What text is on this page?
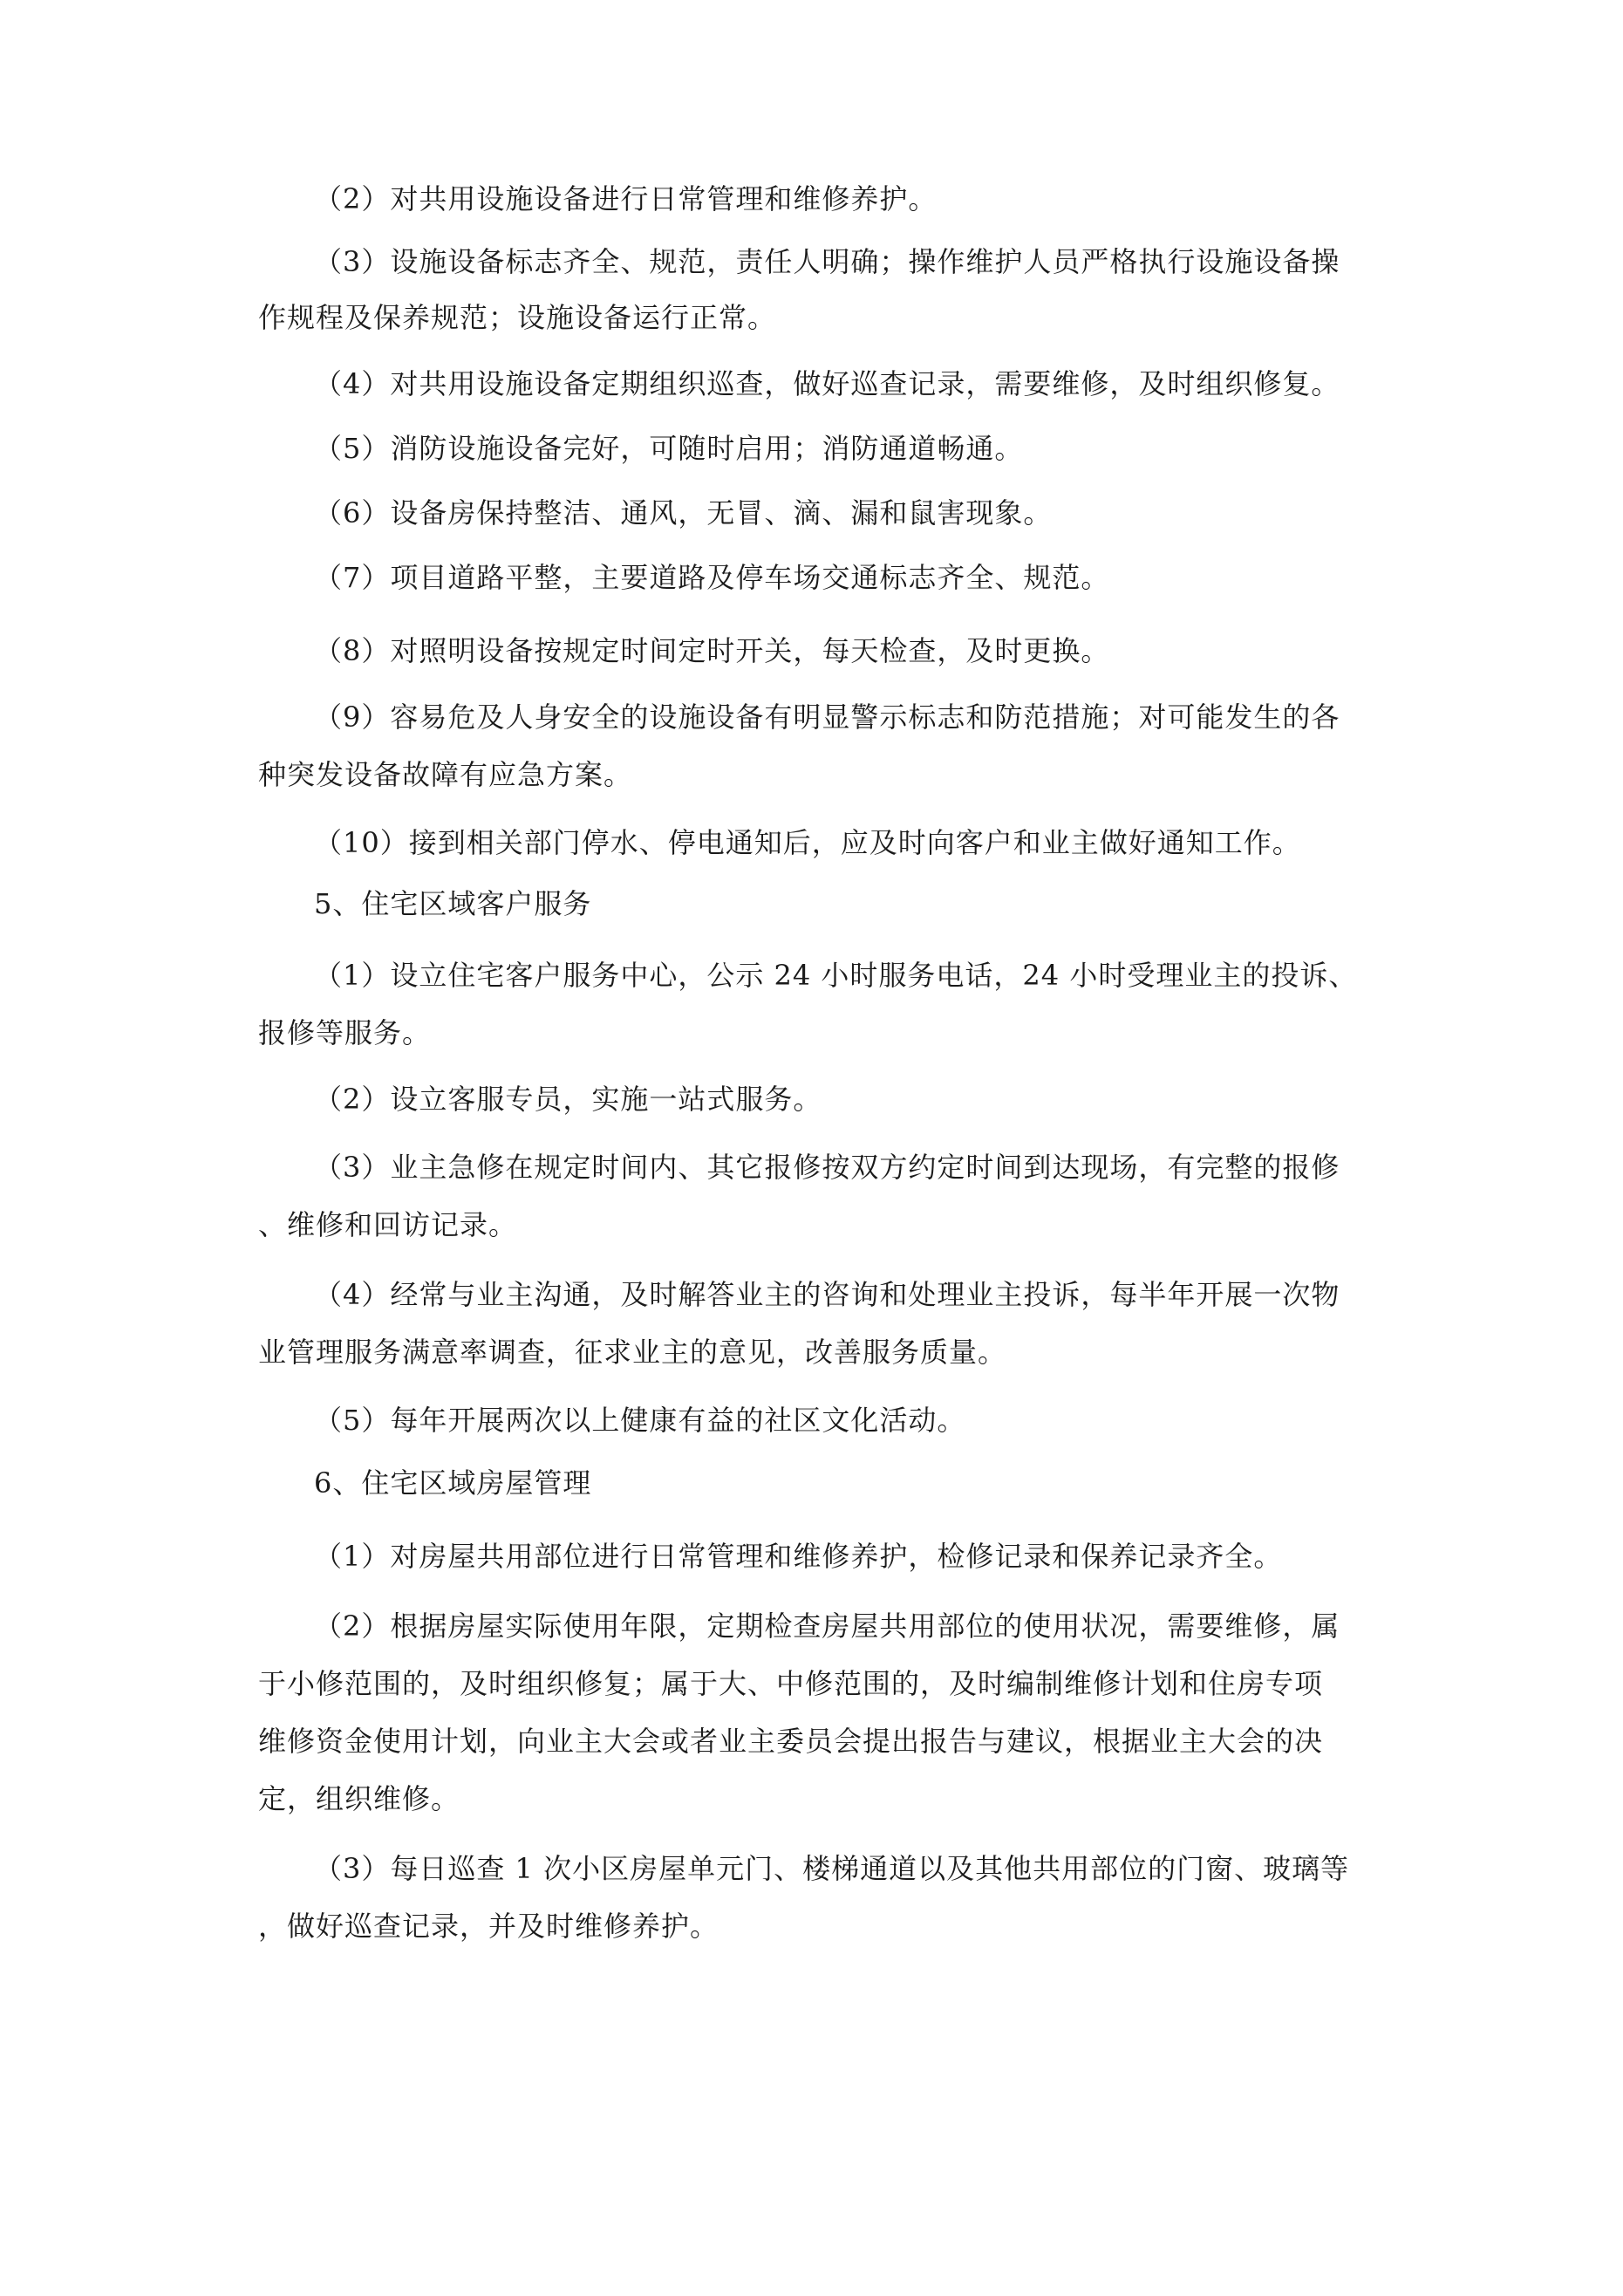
（2）对共用设施设备进行日常管理和维修养护。
（3）设施设备标志齐全、规范，责任人明确；操作维护人员严格执行设施设备操
作规程及保养规范；设施设备运行正常。
（4）对共用设施设备定期组织巡查，做好巡查记录，需要维修，及时组织修复。
（5）消防设施设备完好，可随时启用；消防通道畅通。
（6）设备房保持整洁、通风，无冒、滴、漏和鼠害现象。
（7）项目道路平整，主要道路及停车场交通标志齐全、规范。
（8）对照明设备按规定时间定时开关，每天检查，及时更换。
（9）容易危及人身安全的设施设备有明显警示标志和防范措施；对可能发生的各
种突发设备故障有应急方案。
（10）接到相关部门停水、停电通知后，应及时向客户和业主做好通知工作。
5、住宅区域客户服务
（1）设立住宅客户服务中心，公示 24 小时服务电话，24 小时受理业主的投诉、
报修等服务。
（2）设立客服专员，实施一站式服务。
（3）业主急修在规定时间内、其它报修按双方约定时间到达现场，有完整的报修
、维修和回访记录。
（4）经常与业主沟通，及时解答业主的咨询和处理业主投诉，每半年开展一次物
业管理服务满意率调查，征求业主的意见，改善服务质量。
（5）每年开展两次以上健康有益的社区文化活动。
6、住宅区域房屋管理
（1）对房屋共用部位进行日常管理和维修养护，检修记录和保养记录齐全。
（2）根据房屋实际使用年限，定期检查房屋共用部位的使用状况，需要维修，属
于小修范围的，及时组织修复；属于大、中修范围的，及时编制维修计划和住房专项
维修资金使用计划，向业主大会或者业主委员会提出报告与建议，根据业主大会的决
定，组织维修。
（3）每日巡查 1 次小区房屋单元门、楼梯通道以及其他共用部位的门窗、玻璃等
，做好巡查记录，并及时维修养护。
